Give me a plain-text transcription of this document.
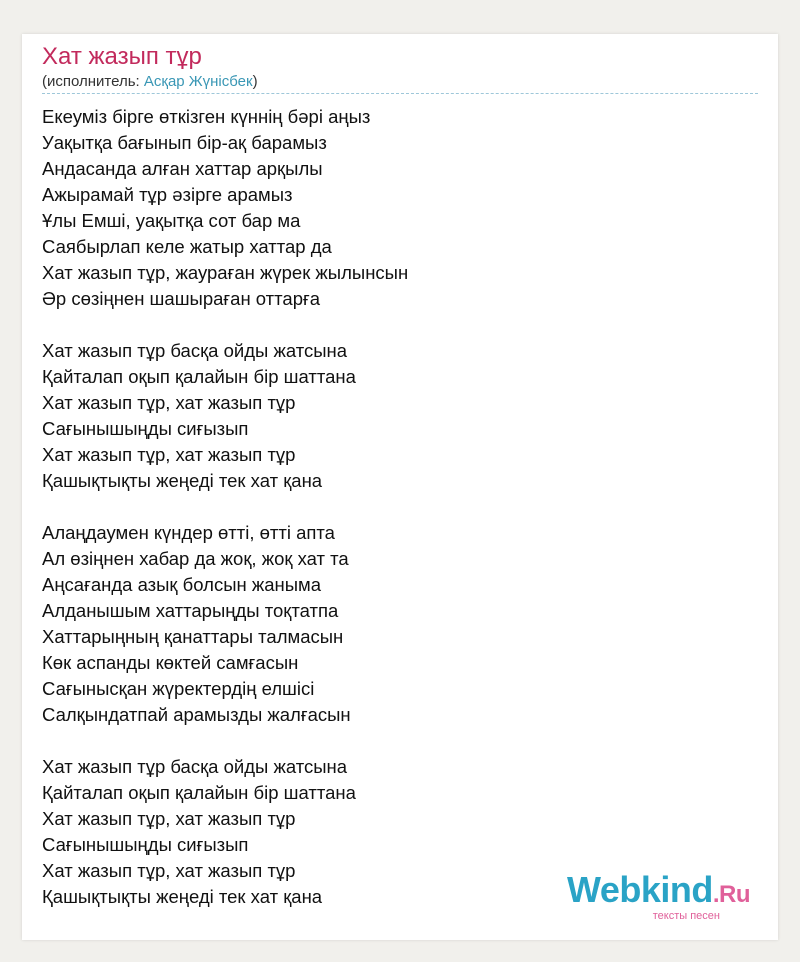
Хат жазып тұр
(исполнитель: Асқар Жүнісбек)
Екеуміз бірге өткізген күннің бәрі аңыз
Уақытқа бағынып бір-ақ барамыз
Андасанда алған хаттар арқылы
Ажырамай тұр әзірге арамыз
Ұлы Емші, уақытқа сот бар ма
Саябырлап келе жатыр хаттар да
Хат жазып тұр, жаураған жүрек жылынсын
Әр сөзіңнен шашыраған оттарға
Хат жазып тұр басқа ойды жатсына
Қайталап оқып қалайын бір шаттана
Хат жазып тұр, хат жазып тұр
Сағынышыңды сиғызып
Хат жазып тұр, хат жазып тұр
Қашықтықты жеңеді тек хат қана
Алаңдаумен күндер өтті, өтті апта
Ал өзіңнен хабар да жоқ, жоқ хат та
Аңсағанда азық болсын жаныма
Алданышым хаттарыңды тоқтатпа
Хаттарыңның қанаттары талмасын
Көк аспанды көктей самғасын
Сағынысқан жүректердің елшісі
Салқындатпай арамызды жалғасын
Хат жазып тұр басқа ойды жатсына
Қайталап оқып қалайын бір шаттана
Хат жазып тұр, хат жазып тұр
Сағынышыңды сиғызып
Хат жазып тұр, хат жазып тұр
Қашықтықты жеңеді тек хат қана	Webkind.Ru
тексты песен
